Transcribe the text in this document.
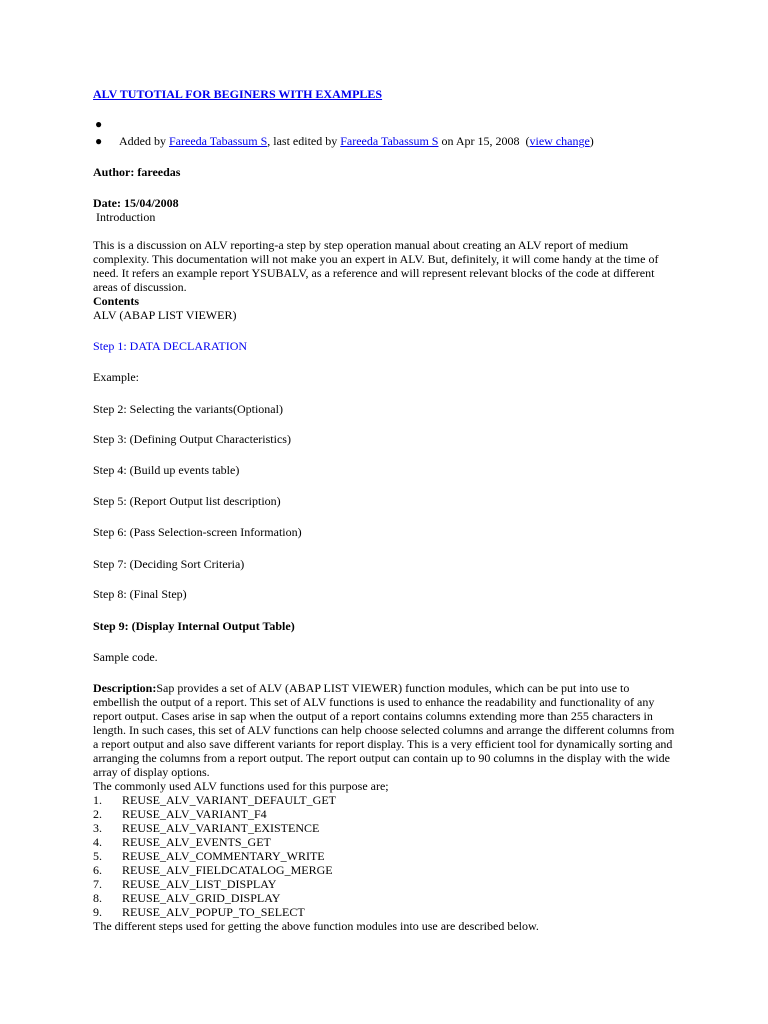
ALV TUTOTIAL FOR BEGINERS WITH EXAMPLES
●
● Added by Fareeda Tabassum S, last edited by Fareeda Tabassum S on Apr 15, 2008 (view change)
Author: fareedas
Date: 15/04/2008
Introduction
This is a discussion on ALV reporting-a step by step operation manual about creating an ALV report of medium complexity. This documentation will not make you an expert in ALV. But, definitely, it will come handy at the time of need. It refers an example report YSUBALV, as a reference and will represent relevant blocks of the code at different areas of discussion.
Contents
ALV (ABAP LIST VIEWER)
Step 1: DATA DECLARATION
Example:
Step 2: Selecting the variants(Optional)
Step 3: (Defining Output Characteristics)
Step 4: (Build up events table)
Step 5: (Report Output list description)
Step 6: (Pass Selection-screen Information)
Step 7: (Deciding Sort Criteria)
Step 8: (Final Step)
Step 9: (Display Internal Output Table)
Sample code.
Description:Sap provides a set of ALV (ABAP LIST VIEWER) function modules, which can be put into use to embellish the output of a report. This set of ALV functions is used to enhance the readability and functionality of any report output. Cases arise in sap when the output of a report contains columns extending more than 255 characters in length. In such cases, this set of ALV functions can help choose selected columns and arrange the different columns from a report output and also save different variants for report display. This is a very efficient tool for dynamically sorting and arranging the columns from a report output. The report output can contain up to 90 columns in the display with the wide array of display options.
The commonly used ALV functions used for this purpose are;
1. REUSE_ALV_VARIANT_DEFAULT_GET
2. REUSE_ALV_VARIANT_F4
3. REUSE_ALV_VARIANT_EXISTENCE
4. REUSE_ALV_EVENTS_GET
5. REUSE_ALV_COMMENTARY_WRITE
6. REUSE_ALV_FIELDCATALOG_MERGE
7. REUSE_ALV_LIST_DISPLAY
8. REUSE_ALV_GRID_DISPLAY
9. REUSE_ALV_POPUP_TO_SELECT
The different steps used for getting the above function modules into use are described below.
